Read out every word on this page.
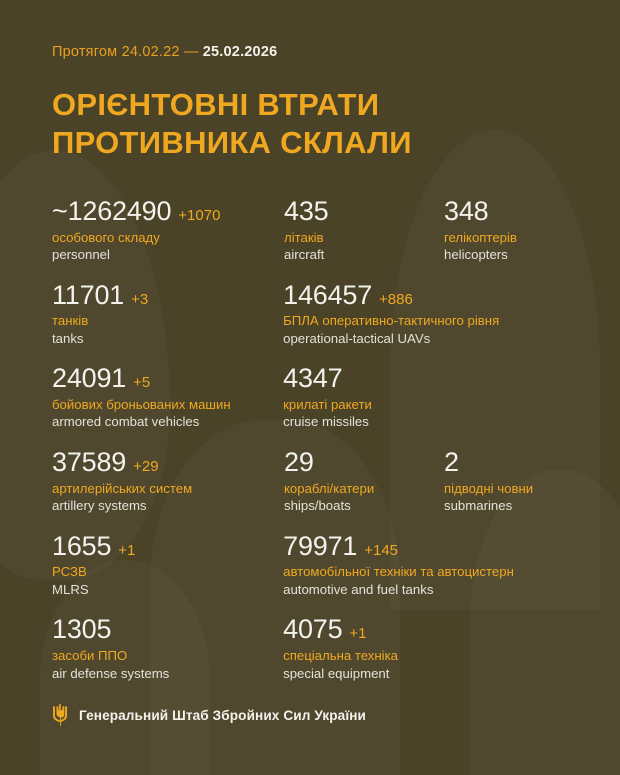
Протягом 24.02.22 — 25.02.2026
ОРІЄНТОВНІ ВТРАТИ
ПРОТИВНИКА СКЛАЛИ
~1262490 +1070
особового складу
personnel
435
літаків
aircraft
348
гелікоптерів
helicopters
11701 +3
танків
tanks
146457 +886
БПЛА оперативно-тактичного рівня
operational-tactical UAVs
24091 +5
бойових броньованих машин
armored combat vehicles
4347
крилаті ракети
cruise missiles
37589 +29
артилерійських систем
artillery systems
29
кораблі/катери
ships/boats
2
підводні човни
submarines
1655 +1
РСЗВ
MLRS
79971 +145
автомобільної техніки та автоцистерн
automotive and fuel tanks
1305
засоби ППО
air defense systems
4075 +1
спеціальна техніка
special equipment
Генеральний Штаб Збройних Сил України
